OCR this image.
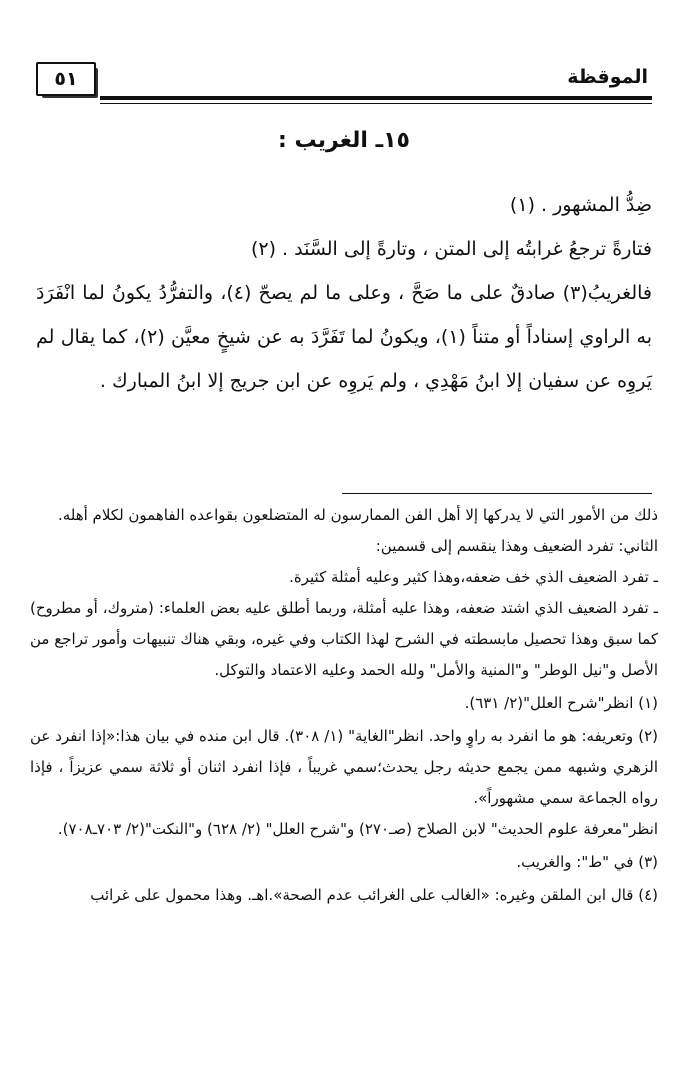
٥١	الموقظة
١٥ـ الغريب :

ضِدُّ المشهور . (١)

فتارةً ترجعُ غرابتُه إلى المتن ، وتارةً إلى السَّنَد . (٢)

فالغريبُ(٣) صادقٌ على ما صَحَّ ، وعلى ما لم يصحّ (٤)، والتفرُّدُ يكونُ لما انْفَرَدَ به الراوي إسناداً أو متناً (١)، ويكونُ لما تَفَرَّدَ به عن شيخٍ معيَّن (٢)، كما يقال لم يَروِه عن سفيان إلا ابنُ مَهْدِي ، ولم يَروِه عن ابن جريج إلا ابنُ المبارك .

ذلك من الأمور التي لا يدركها إلا أهل الفن الممارسون له المتضلعون بقواعده الفاهمون لكلام أهله.

الثاني: تفرد الضعيف وهذا ينقسم إلى قسمين:

ـ تفرد الضعيف الذي خف ضعفه،وهذا كثير وعليه أمثلة كثيرة.

ـ تفرد الضعيف الذي اشتد ضعفه، وهذا عليه أمثلة، وربما أطلق عليه بعض العلماء: (متروك، أو مطروح) كما سبق وهذا تحصيل مابسطته في الشرح لهذا الكتاب وفي غيره، وبقي هناك تنبيهات وأمور تراجع من الأصل و"نيل الوطر" و"المنية والأمل" ولله الحمد وعليه الاعتماد والتوكل.

(١) انظر"شرح العلل"(٢/ ٦٣١).

(٢) وتعريفه: هو ما انفرد به راوٍ واحد. انظر"الغاية" (١/ ٣٠٨). قال ابن منده في بيان هذا:«إذا انفرد عن الزهري وشبهه ممن يجمع حديثه رجل يحدث؛سمي غريباً ، فإذا انفرد اثنان أو ثلاثة سمي عزيزاً ، فإذا رواه الجماعة سمي مشهوراً».

انظر"معرفة علوم الحديث" لابن الصلاح (صـ٢٧٠) و"شرح العلل" (٢/ ٦٢٨) و"النكت"(٢/ ٧٠٣ـ٧٠٨).

(٣) في "ط": والغريب.

(٤) قال ابن الملقن وغيره: «الغالب على الغرائب عدم الصحة».اهـ. وهذا محمول على غرائب
